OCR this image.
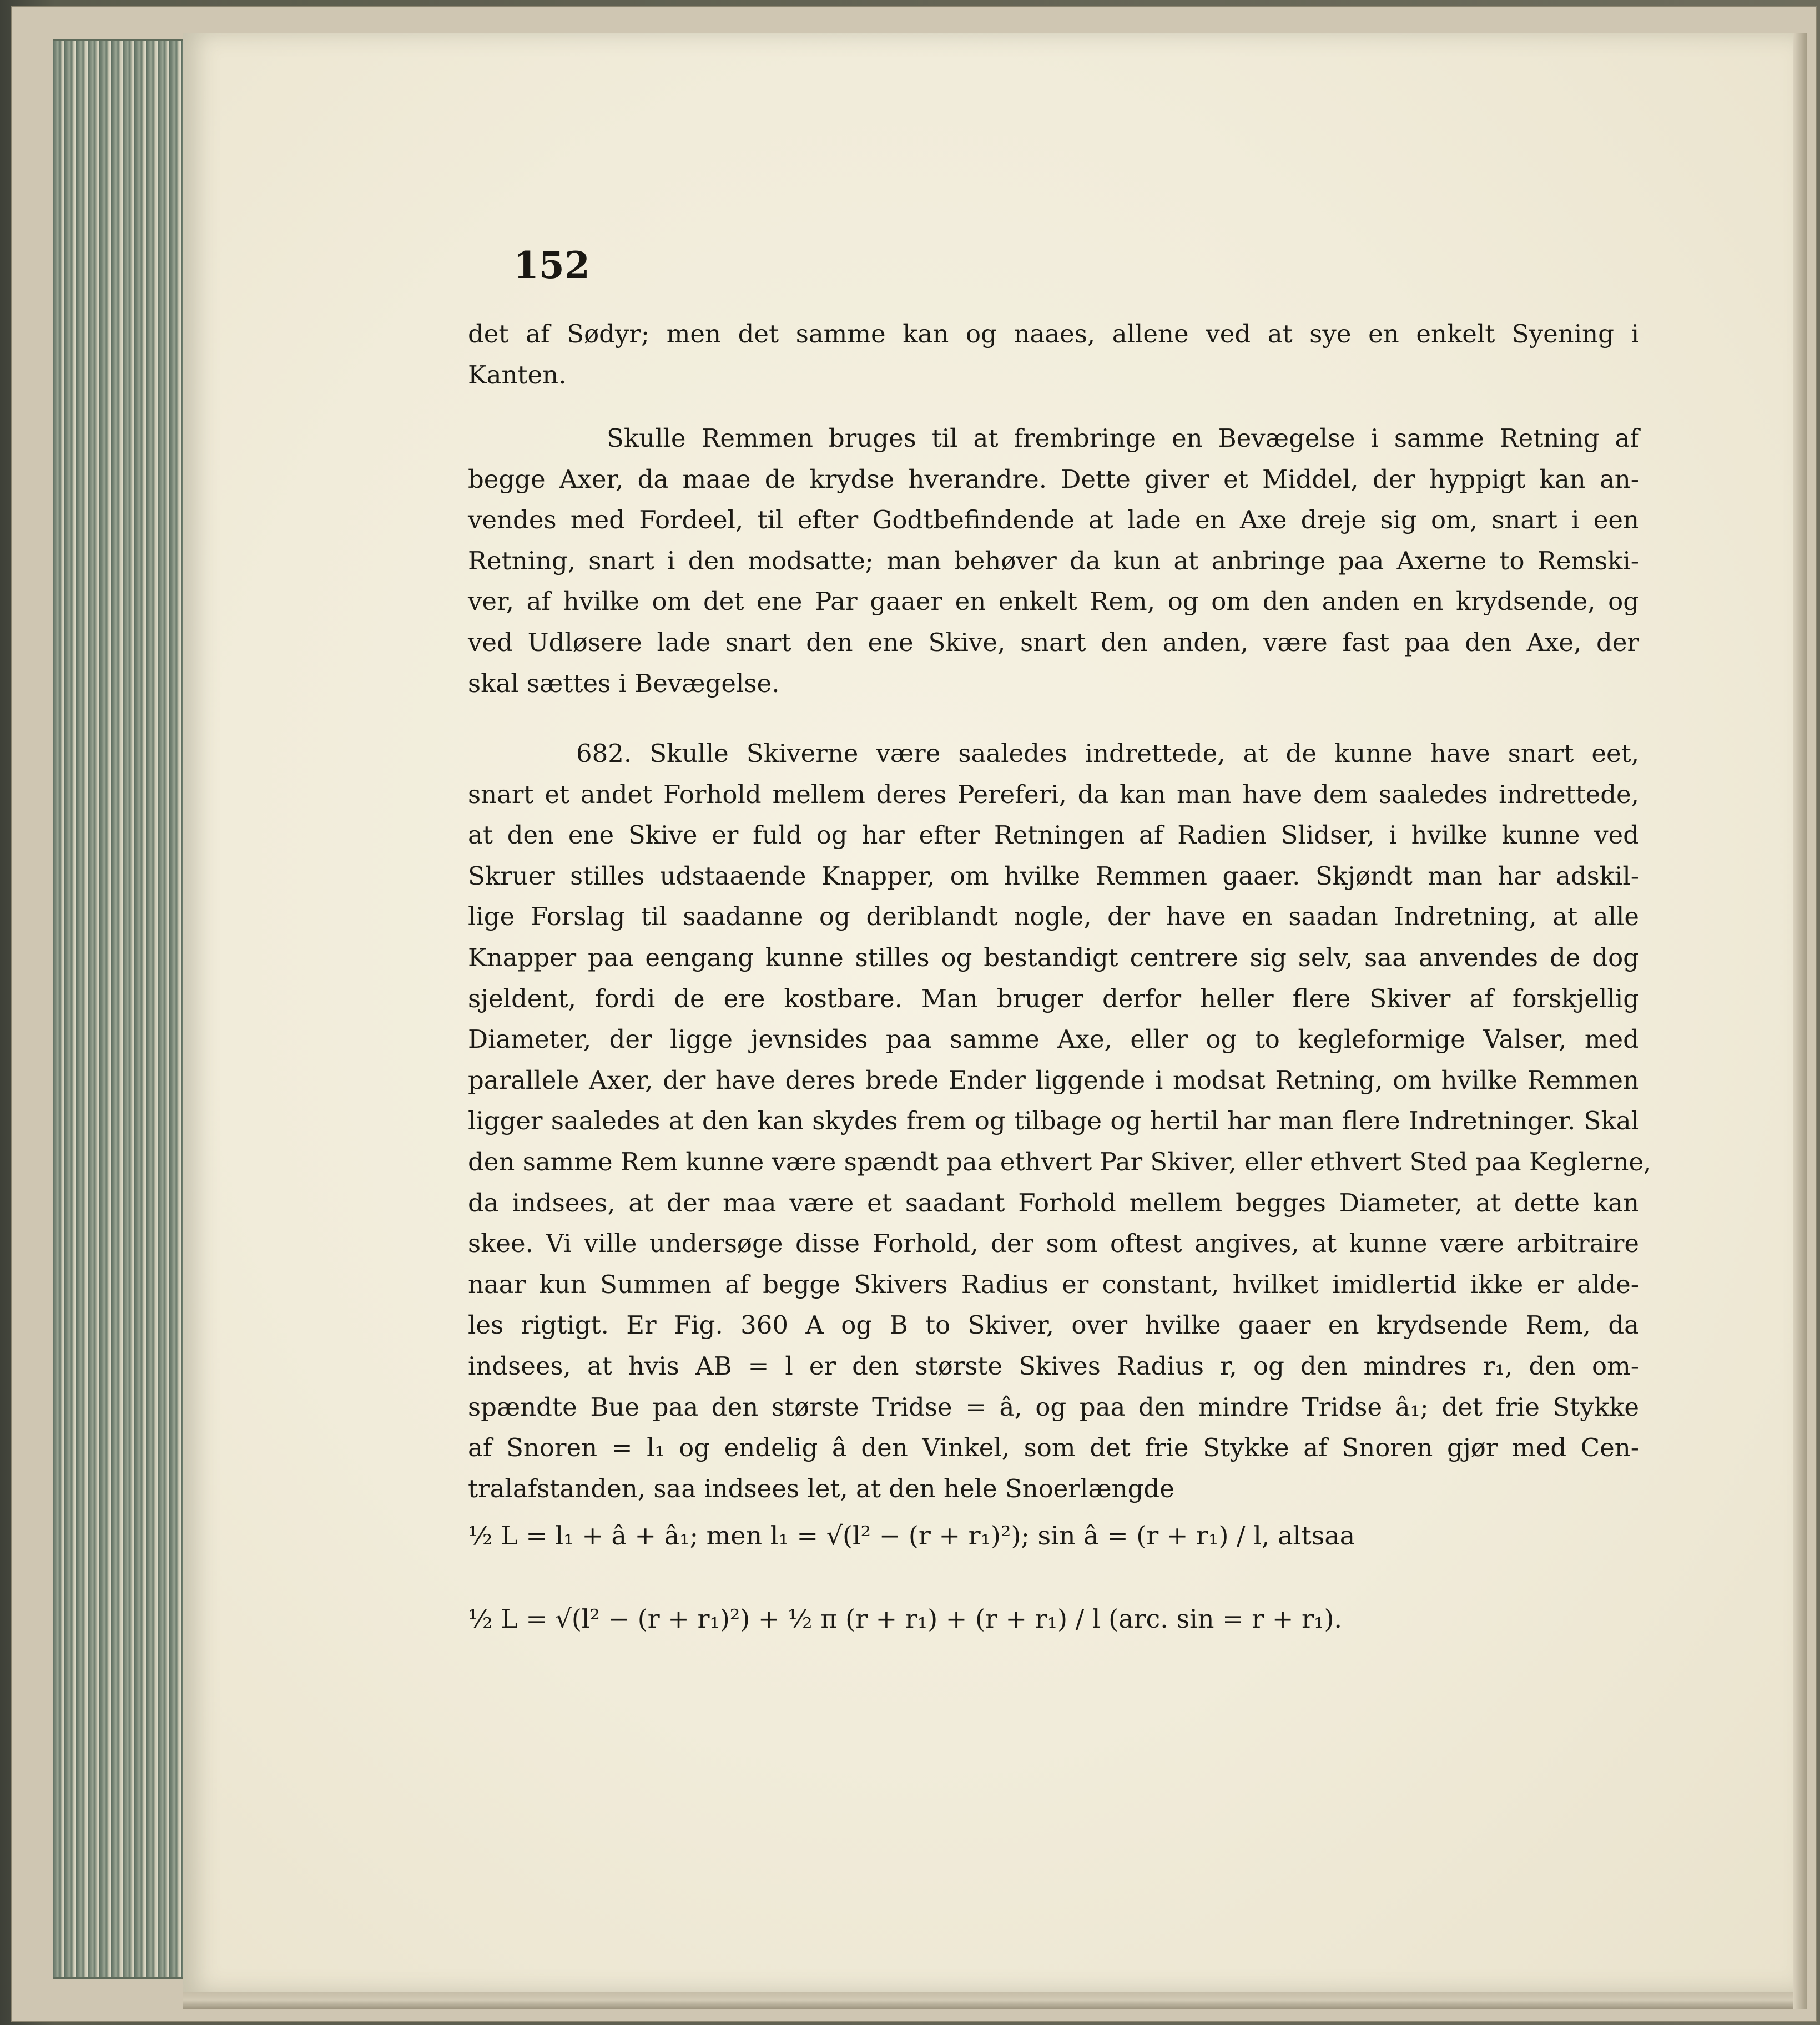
152
det af Sødyr; men det samme kan og naaes, allene ved at sye en enkelt Syening i
Kanten.
Skulle Remmen bruges til at frembringe en Bevægelse i samme Retning af
begge Axer, da maae de krydse hverandre. Dette giver et Middel, der hyppigt kan an-
vendes med Fordeel, til efter Godtbefindende at lade en Axe dreje sig om, snart i een
Retning, snart i den modsatte; man behøver da kun at anbringe paa Axerne to Remski-
ver, af hvilke om det ene Par gaaer en enkelt Rem, og om den anden en krydsende, og
ved Udløsere lade snart den ene Skive, snart den anden, være fast paa den Axe, der
skal sættes i Bevægelse.
682. Skulle Skiverne være saaledes indrettede, at de kunne have snart eet,
snart et andet Forhold mellem deres Pereferi, da kan man have dem saaledes indrettede,
at den ene Skive er fuld og har efter Retningen af Radien Slidser, i hvilke kunne ved
Skruer stilles udstaaende Knapper, om hvilke Remmen gaaer. Skjøndt man har adskil-
lige Forslag til saadanne og deriblandt nogle, der have en saadan Indretning, at alle
Knapper paa eengang kunne stilles og bestandigt centrere sig selv, saa anvendes de dog
sjeldent, fordi de ere kostbare. Man bruger derfor heller flere Skiver af forskjellig
Diameter, der ligge jevnsides paa samme Axe, eller og to kegleformige Valser, med
parallele Axer, der have deres brede Ender liggende i modsat Retning, om hvilke Remmen
ligger saaledes at den kan skydes frem og tilbage og hertil har man flere Indretninger. Skal
den samme Rem kunne være spændt paa ethvert Par Skiver, eller ethvert Sted paa Keglerne,
da indsees, at der maa være et saadant Forhold mellem begges Diameter, at dette kan
skee. Vi ville undersøge disse Forhold, der som oftest angives, at kunne være arbitraire
naar kun Summen af begge Skivers Radius er constant, hvilket imidlertid ikke er alde-
les rigtigt. Er Fig. 360 A og B to Skiver, over hvilke gaaer en krydsende Rem, da
indsees, at hvis AB = l er den største Skives Radius r, og den mindres r₁, den om-
spændte Bue paa den største Tridse = â, og paa den mindre Tridse â₁; det frie Stykke
af Snoren = l₁ og endelig â den Vinkel, som det frie Stykke af Snoren gjør med Cen-
tralafstanden, saa indsees let, at den hele Snoerlængde
½ L = l₁ + â + â₁; men l₁ = √(l² − (r + r₁)²); sin â = (r + r₁) / l, altsaa
½ L = √(l² − (r + r₁)²) + ½ π (r + r₁) + (r + r₁) / l (arc. sin = r + r₁).
